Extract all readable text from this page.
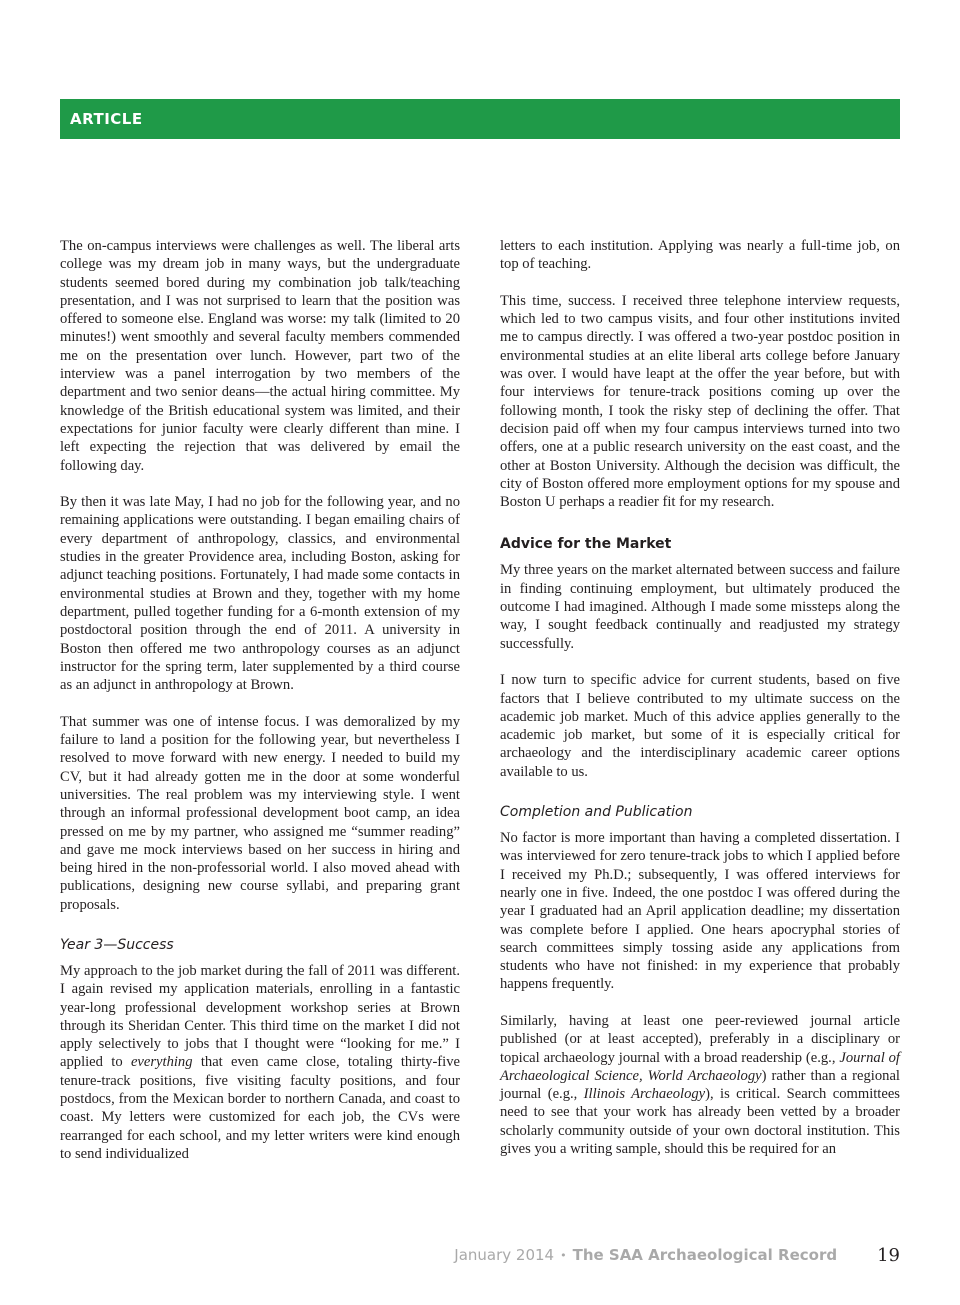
ARTICLE

The on-campus interviews were challenges as well. The liberal arts college was my dream job in many ways, but the undergraduate students seemed bored during my combination job talk/teaching presentation, and I was not surprised to learn that the position was offered to someone else. England was worse: my talk (limited to 20 minutes!) went smoothly and several faculty members commended me on the presentation over lunch. However, part two of the interview was a panel interrogation by two members of the department and two senior deans—the actual hiring committee. My knowledge of the British educational system was limited, and their expectations for junior faculty were clearly different than mine. I left expecting the rejection that was delivered by email the following day.

By then it was late May, I had no job for the following year, and no remaining applications were outstanding. I began emailing chairs of every department of anthropology, classics, and environmental studies in the greater Providence area, including Boston, asking for adjunct teaching positions. Fortunately, I had made some contacts in environmental studies at Brown and they, together with my home department, pulled together funding for a 6-month extension of my postdoctoral position through the end of 2011. A university in Boston then offered me two anthropology courses as an adjunct instructor for the spring term, later supplemented by a third course as an adjunct in anthropology at Brown.

That summer was one of intense focus. I was demoralized by my failure to land a position for the following year, but nevertheless I resolved to move forward with new energy. I needed to build my CV, but it had already gotten me in the door at some wonderful universities. The real problem was my interviewing style. I went through an informal professional development boot camp, an idea pressed on me by my partner, who assigned me “summer reading” and gave me mock interviews based on her success in hiring and being hired in the non-professorial world. I also moved ahead with publications, designing new course syllabi, and preparing grant proposals.

Year 3—Success

My approach to the job market during the fall of 2011 was different. I again revised my application materials, enrolling in a fantastic year-long professional development workshop series at Brown through its Sheridan Center. This third time on the market I did not apply selectively to jobs that I thought were “looking for me.” I applied to everything that even came close, totaling thirty-five tenure-track positions, five visiting faculty positions, and four postdocs, from the Mexican border to northern Canada, and coast to coast. My letters were customized for each job, the CVs were rearranged for each school, and my letter writers were kind enough to send individualized

letters to each institution. Applying was nearly a full-time job, on top of teaching.

This time, success. I received three telephone interview requests, which led to two campus visits, and four other institutions invited me to campus directly. I was offered a two-year postdoc position in environmental studies at an elite liberal arts college before January was over. I would have leapt at the offer the year before, but with four interviews for tenure-track positions coming up over the following month, I took the risky step of declining the offer. That decision paid off when my four campus interviews turned into two offers, one at a public research university on the east coast, and the other at Boston University. Although the decision was difficult, the city of Boston offered more employment options for my spouse and Boston U perhaps a readier fit for my research.

Advice for the Market

My three years on the market alternated between success and failure in finding continuing employment, but ultimately produced the outcome I had imagined. Although I made some missteps along the way, I sought feedback continually and readjusted my strategy successfully.

I now turn to specific advice for current students, based on five factors that I believe contributed to my ultimate success on the academic job market. Much of this advice applies generally to the academic job market, but some of it is especially critical for archaeology and the interdisciplinary academic career options available to us.

Completion and Publication

No factor is more important than having a completed dissertation. I was interviewed for zero tenure-track jobs to which I applied before I received my Ph.D.; subsequently, I was offered interviews for nearly one in five. Indeed, the one postdoc I was offered during the year I graduated had an April application deadline; my dissertation was complete before I applied. One hears apocryphal stories of search committees simply tossing aside any applications from students who have not finished: in my experience that probably happens frequently.

Similarly, having at least one peer-reviewed journal article published (or at least accepted), preferably in a disciplinary or topical archaeology journal with a broad readership (e.g., Journal of Archaeological Science, World Archaeology) rather than a regional journal (e.g., Illinois Archaeology), is critical. Search committees need to see that your work has already been vetted by a broader scholarly community outside of your own doctoral institution. This gives you a writing sample, should this be required for an

January 2014 • The SAA Archaeological Record 19
